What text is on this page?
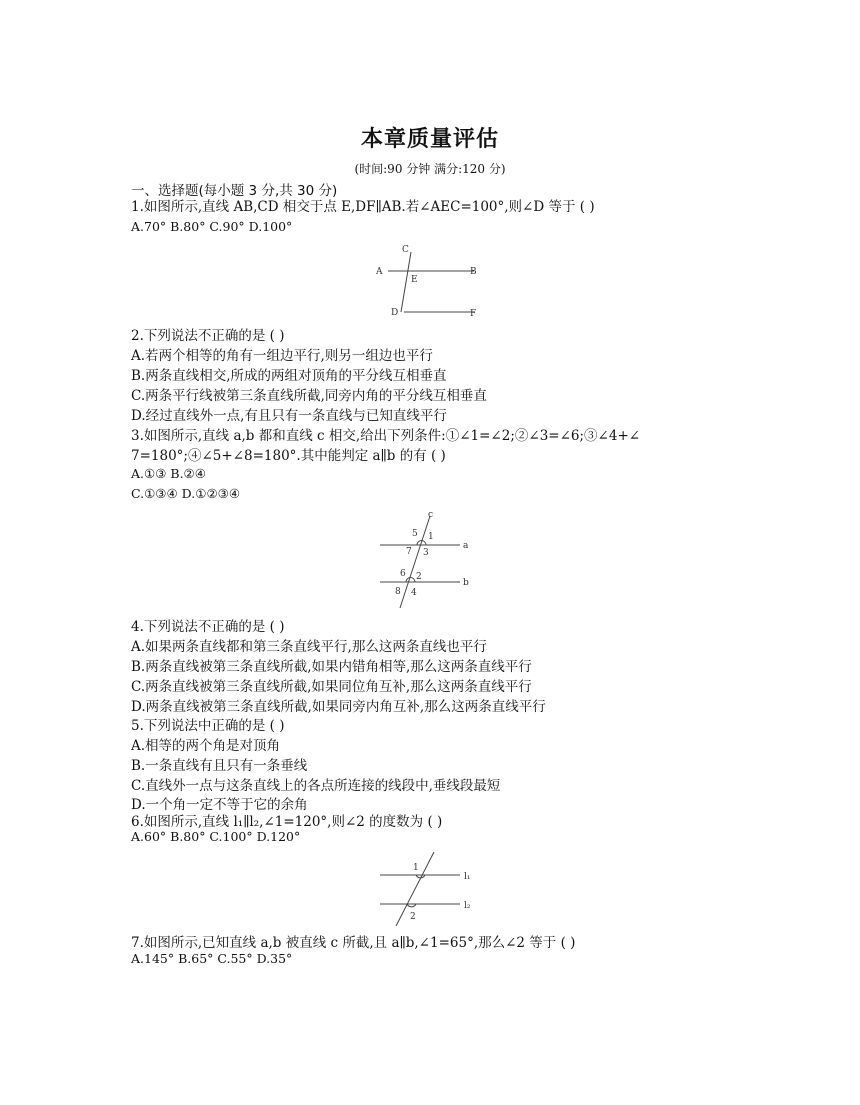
本章质量评估
(时间:90 分钟 满分:120 分)
一、选择题(每小题 3 分,共 30 分)
1.如图所示,直线 AB,CD 相交于点 E,DF∥AB.若∠AEC=100°,则∠D 等于 ( )
A.70° B.80° C.90° D.100°
C
A
E
B
D	F
2.下列说法不正确的是 ( )
A.若两个相等的角有一组边平行,则另一组边也平行
B.两条直线相交,所成的两组对顶角的平分线互相垂直
C.两条平行线被第三条直线所截,同旁内角的平分线互相垂直
D.经过直线外一点,有且只有一条直线与已知直线平行
3.如图所示,直线 a,b 都和直线 c 相交,给出下列条件:①∠1=∠2;②∠3=∠6;③∠4+∠
7=180°;④∠5+∠8=180°.其中能判定 a∥b 的有 ( )
A.①③ B.②④
C.①③④ D.①②③④
c
a
b
5 1
7 3
6 2
8 4
4.下列说法不正确的是 ( )
A.如果两条直线都和第三条直线平行,那么这两条直线也平行
B.两条直线被第三条直线所截,如果内错角相等,那么这两条直线平行
C.两条直线被第三条直线所截,如果同位角互补,那么这两条直线平行
D.两条直线被第三条直线所截,如果同旁内角互补,那么这两条直线平行
5.下列说法中正确的是 ( )
A.相等的两个角是对顶角
B.一条直线有且只有一条垂线
C.直线外一点与这条直线上的各点所连接的线段中,垂线段最短
D.一个角一定不等于它的余角
6.如图所示,直线 l₁∥l₂,∠1=120°,则∠2 的度数为 ( )
A.60° B.80° C.100° D.120°
1
2
l₁
l₂
7.如图所示,已知直线 a,b 被直线 c 所截,且 a∥b,∠1=65°,那么∠2 等于 ( )
A.145° B.65° C.55° D.35°
